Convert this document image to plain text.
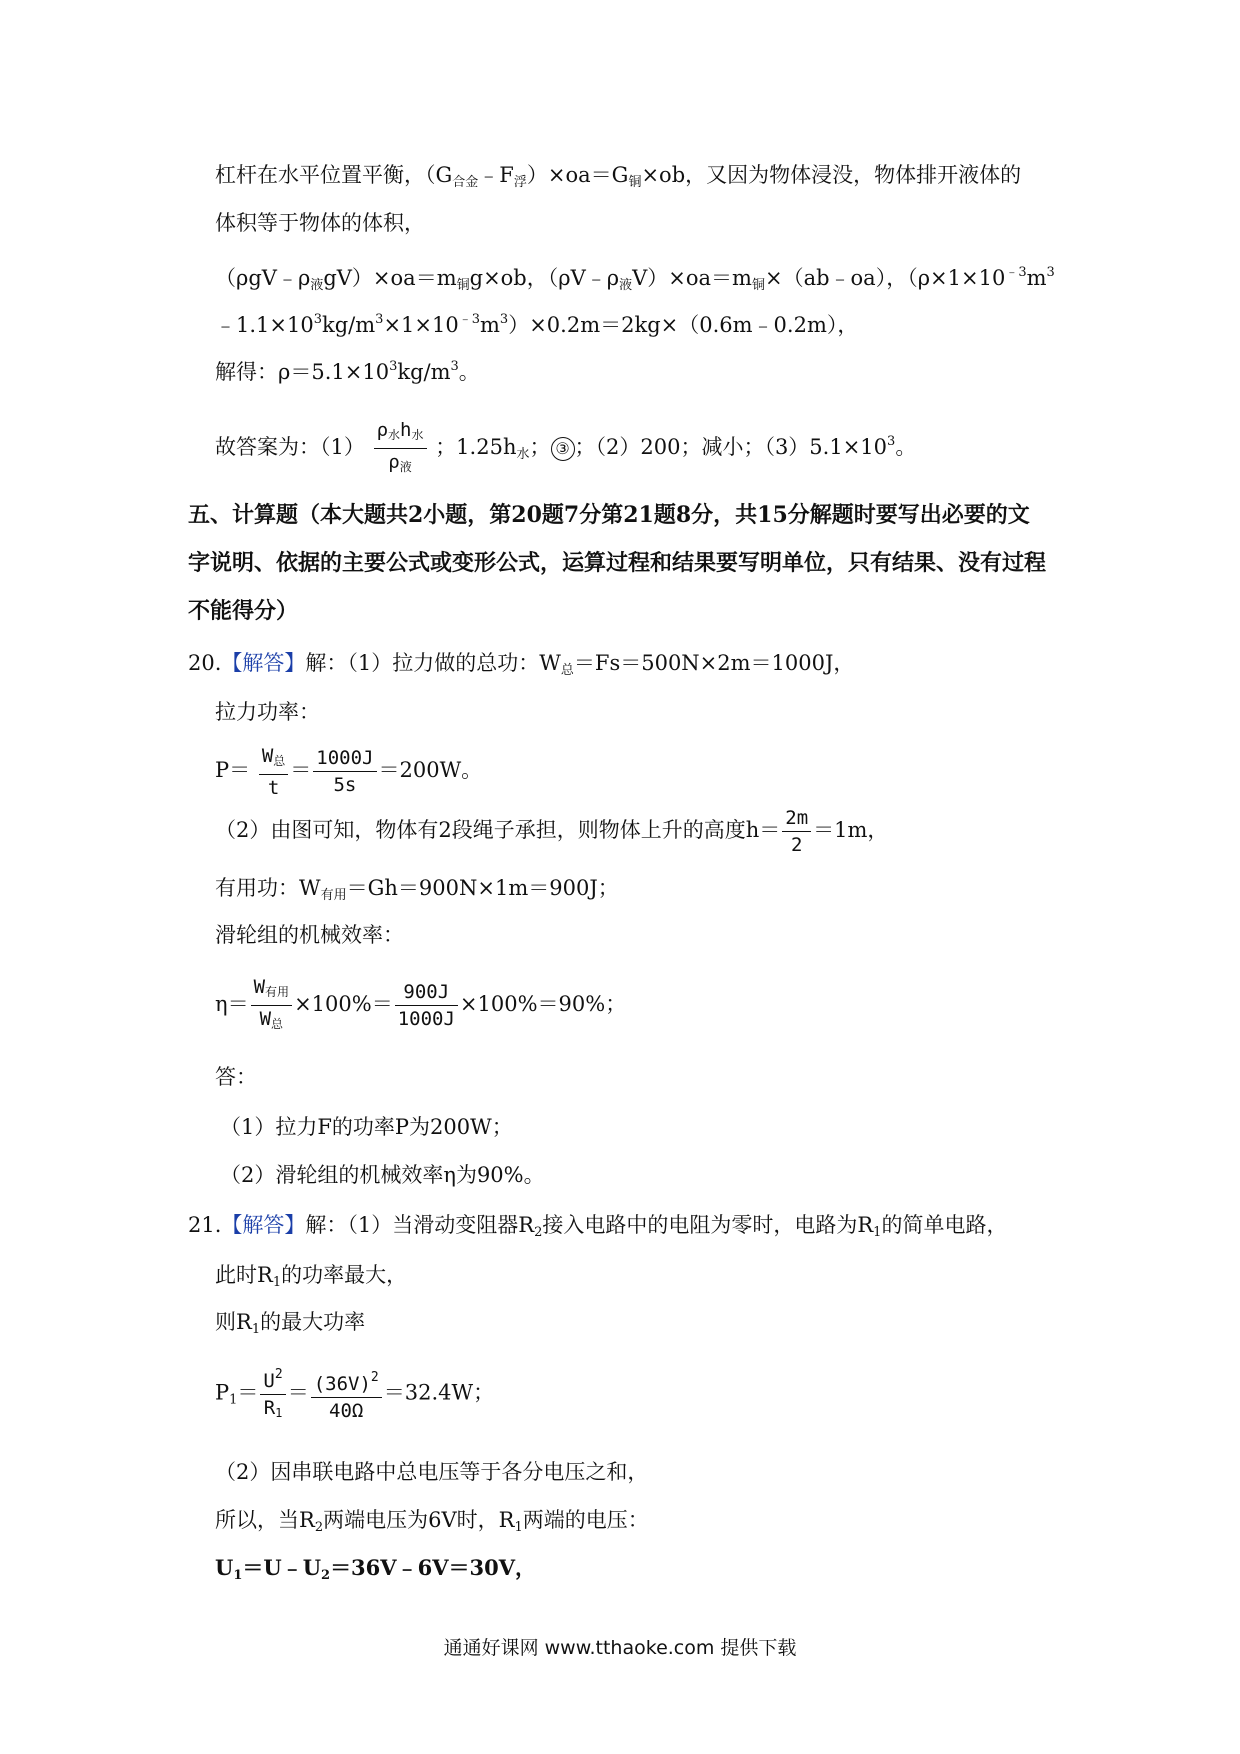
杠杆在水平位置平衡，$(G_{合金}﹣F_浮)\times oa=G_铜\times ob$，又因为物体浸没，物体排开液体的
体积等于物体的体积，
$(\rho gV﹣\rho_液gV)\times oa=m_铜g\times ob$，$(\rho V﹣\rho_液V)\times oa=m_铜\times(ab﹣oa)$，（$\rho\times 1\times 10^{﹣3}m^3$
$﹣1.1\times 10^3kg/m^3\times 1\times 10^{﹣3}m^3)\times 0.2m=2kg\times(0.6m﹣0.2m)$，
解得：$\rho=5.1\times 10^3kg/m^3$。
故答案为：$(1) \frac{\text{ρ水h水}}{\text{ρ液}}$ ；$1.25h_水$； ③ ；（2）200；减小；$(3)5.1\times 10^3$。
五、计算题（本大题共2小题，第20题7分第21题8分，共15分解题时要写出必要的文
字说明、依据的主要公式或变形公式，运算过程和结果要写明单位，只有结果、没有过程
不能得分）
20.【解答】解：（1）拉力做的总功：$W_总=Fs=500N\times 2m=1000J$，
拉力功率：
$P= \frac{\text{W总}}{t} = \frac{1000J}{5s} =200W$。
（2）由图可知，物体有2段绳子承担，则物体上升的高度$h= \frac{2m}{2} =1m$，
有用功：$W_{有用}=Gh=900N\times 1m=900J$；
滑轮组的机械效率：
$\eta= \frac{\text{W有用}}{\text{W总}} \times 100\%= \frac{900J}{1000J} \times 100\%=90\%$；
答：
（1）拉力F的功率P为200W；
（2）滑轮组的机械效率η为90%。
21.【解答】解：（1）当滑动变阻器$R_2$接入电路中的电阻为零时，电路为$R_1$的简单电路，
此时$R_1$的功率最大，
则$R_1$的最大功率
$P_1= \frac{U^2}{R1} = \frac{(36V)^2}{40\Omega} =32.4W$；
（2）因串联电路中总电压等于各分电压之和，
所以，当$R_2$两端电压为6V时，$R_1$两端的电压：
$U_1=U﹣U_2=36V﹣6V=30V$，
通通好课网 www.tthaoke.com 提供下载
